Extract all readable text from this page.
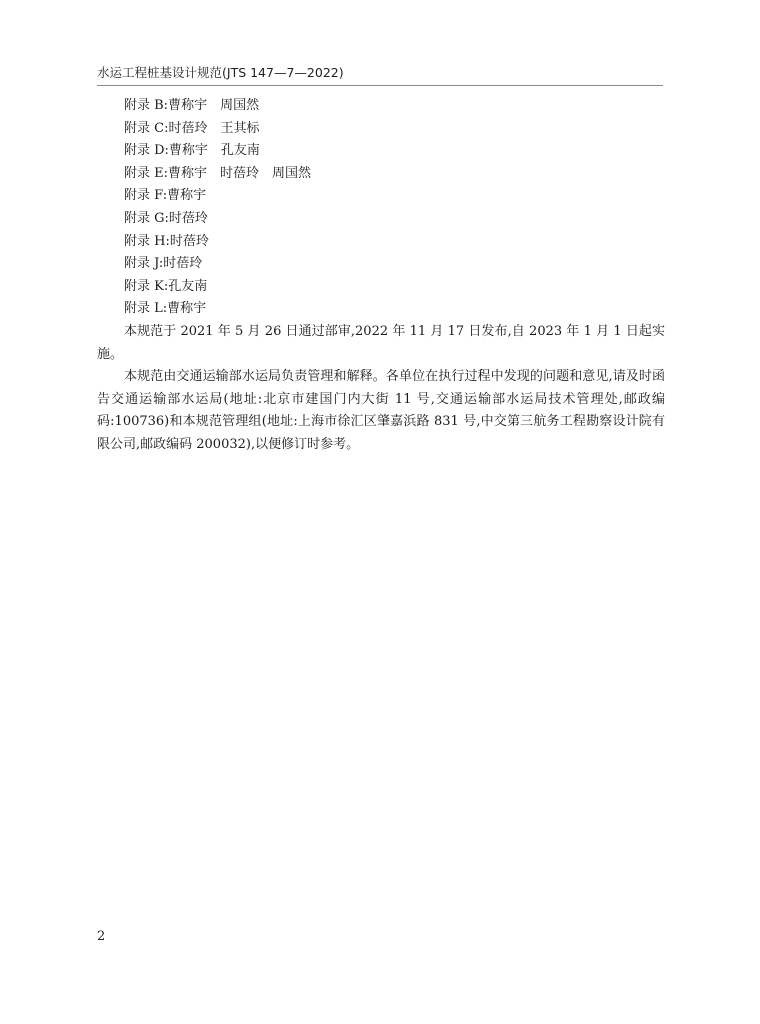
水运工程桩基设计规范(JTS 147—7—2022)
附录 B:曹称宇　周国然
附录 C:时蓓玲　王其标
附录 D:曹称宇　孔友南
附录 E:曹称宇　时蓓玲　周国然
附录 F:曹称宇
附录 G:时蓓玲
附录 H:时蓓玲
附录 J:时蓓玲
附录 K:孔友南
附录 L:曹称宇

本规范于 2021 年 5 月 26 日通过部审,2022 年 11 月 17 日发布,自 2023 年 1 月 1 日起实施。

本规范由交通运输部水运局负责管理和解释。各单位在执行过程中发现的问题和意见,请及时函告交通运输部水运局(地址:北京市建国门内大街 11 号,交通运输部水运局技术管理处,邮政编码:100736)和本规范管理组(地址:上海市徐汇区肇嘉浜路 831 号,中交第三航务工程勘察设计院有限公司,邮政编码 200032),以便修订时参考。

2
